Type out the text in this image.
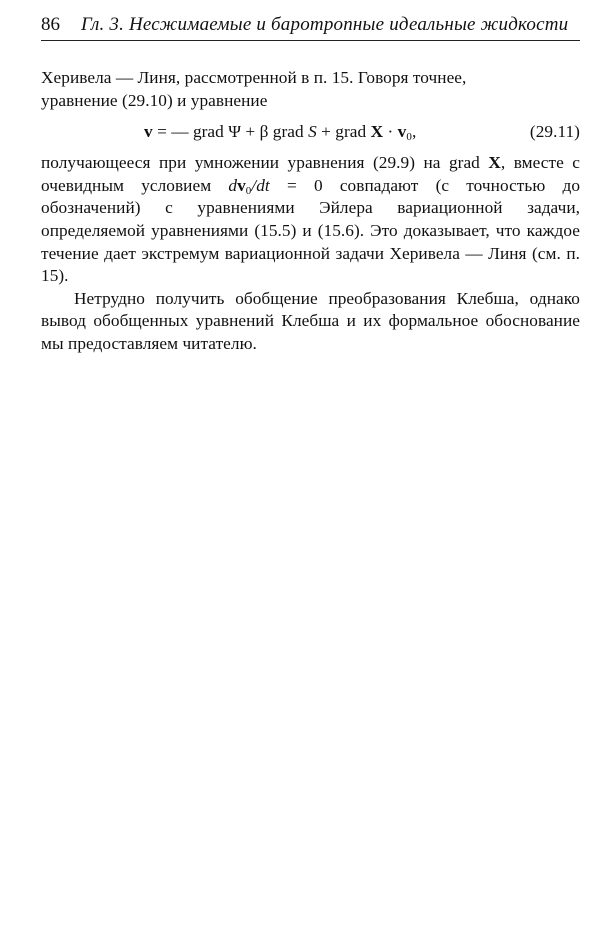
86	Гл. 3. Несжимаемые и баротропные идеальные жидкости

Херивела — Линя, рассмотренной в п. 15. Говоря точнее,
уравнение (29.10) и уравнение

v = — grad Ψ + β grad S + grad $X \cdot v_0$,	(29.11)

получающееся при умножении уравнения (29.9) на grad X, вместе с очевидным условием $dv_0/dt = 0$ совпадают (с точностью до обозначений) с уравнениями Эйлера вариационной задачи, определяемой уравнениями (15.5) и (15.6). Это доказывает, что каждое течение дает экстремум вариационной задачи Херивела — Линя (см. п. 15).

Нетрудно получить обобщение преобразования Клебша, однако вывод обобщенных уравнений Клебша и их формальное обоснование мы предоставляем читателю.
